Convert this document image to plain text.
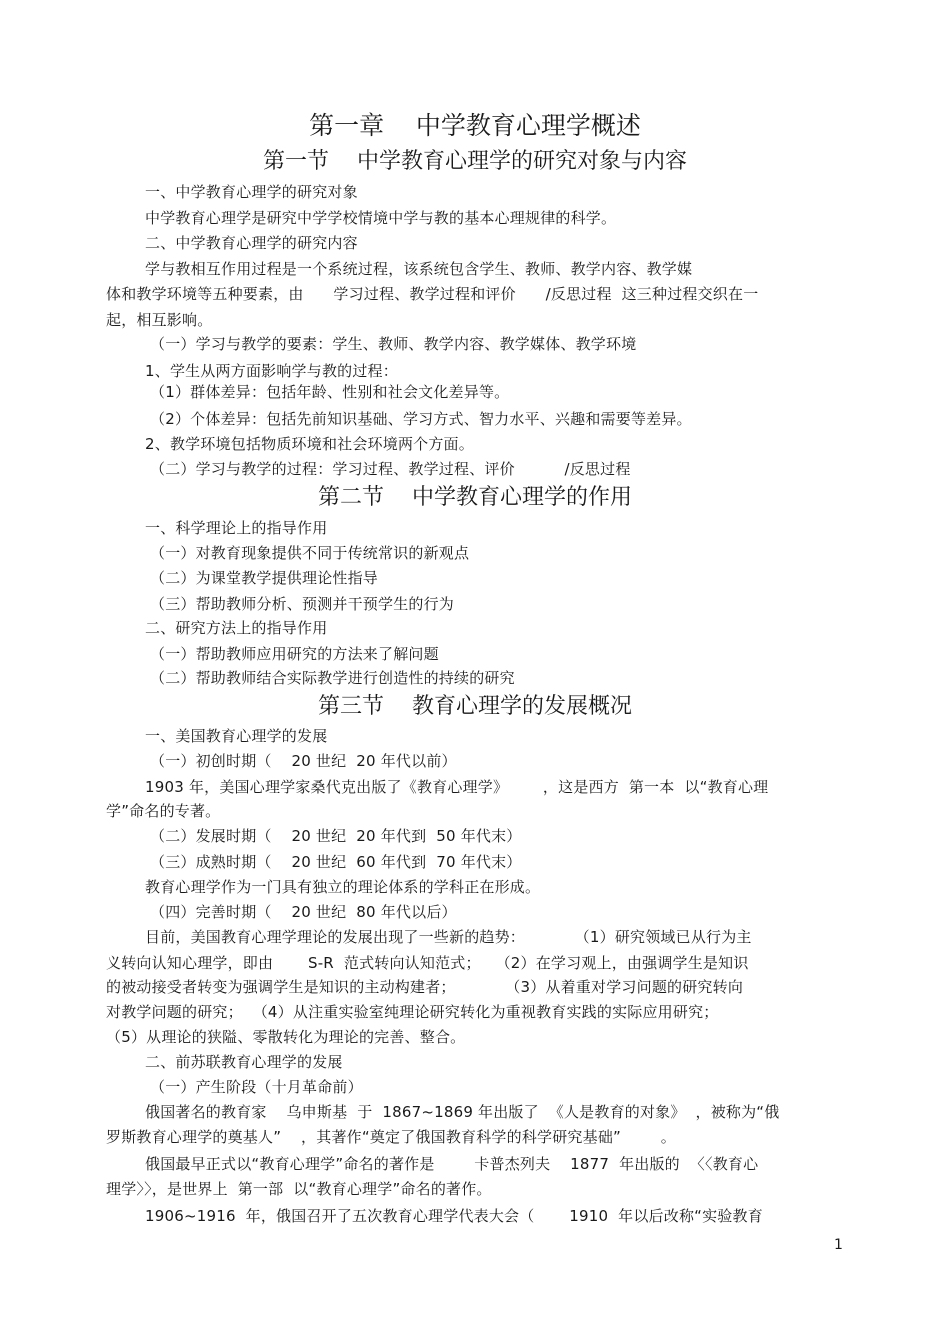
第一章    中学教育心理学概述
第一节    中学教育心理学的研究对象与内容
一、中学教育心理学的研究对象
中学教育心理学是研究中学学校情境中学与教的基本心理规律的科学。
二、中学教育心理学的研究内容
学与教相互作用过程是一个系统过程，该系统包含学生、教师、教学内容、教学媒
体和教学环境等五种要素，由      学习过程、教学过程和评价      /反思过程  这三种过程交织在一
起，相互影响。
（一）学习与教学的要素：学生、教师、教学内容、教学媒体、教学环境
1、学生从两方面影响学与教的过程：
（1）群体差异：包括年龄、性别和社会文化差异等。
（2）个体差异：包括先前知识基础、学习方式、智力水平、兴趣和需要等差异。
2、教学环境包括物质环境和社会环境两个方面。
（二）学习与教学的过程：学习过程、教学过程、评价          /反思过程
第二节    中学教育心理学的作用
一、科学理论上的指导作用
（一）对教育现象提供不同于传统常识的新观点
（二）为课堂教学提供理论性指导
（三）帮助教师分析、预测并干预学生的行为
二、研究方法上的指导作用
（一）帮助教师应用研究的方法来了解问题
（二）帮助教师结合实际教学进行创造性的持续的研究
第三节    教育心理学的发展概况
一、美国教育心理学的发展
（一）初创时期（    20 世纪  20 年代以前）
1903 年，美国心理学家桑代克出版了《教育心理学》       ，这是西方  第一本  以“教育心理
学”命名的专著。
（二）发展时期（    20 世纪  20 年代到  50 年代末）
（三）成熟时期（    20 世纪  60 年代到  70 年代末）
教育心理学作为一门具有独立的理论体系的学科正在形成。
（四）完善时期（    20 世纪  80 年代以后）
目前，美国教育心理学理论的发展出现了一些新的趋势：          （1）研究领域已从行为主
义转向认知心理学，即由       S-R  范式转向认知范式；   （2）在学习观上，由强调学生是知识
的被动接受者转变为强调学生是知识的主动构建者；          （3）从着重对学习问题的研究转向
对教学问题的研究；  （4）从注重实验室纯理论研究转化为重视教育实践的实际应用研究；
（5）从理论的狭隘、零散转化为理论的完善、整合。
二、前苏联教育心理学的发展
（一）产生阶段（十月革命前）
俄国著名的教育家    乌申斯基  于  1867~1869 年出版了  《人是教育的对象》  ，被称为“俄
罗斯教育心理学的奠基人”    ，其著作“奠定了俄国教育科学的科学研究基础”        。
俄国最早正式以“教育心理学”命名的著作是        卡普杰列夫    1877  年出版的  〈〈教育心
理学〉〉，是世界上  第一部  以“教育心理学”命名的著作。
1906~1916  年，俄国召开了五次教育心理学代表大会（       1910  年以后改称“实验教育
1
